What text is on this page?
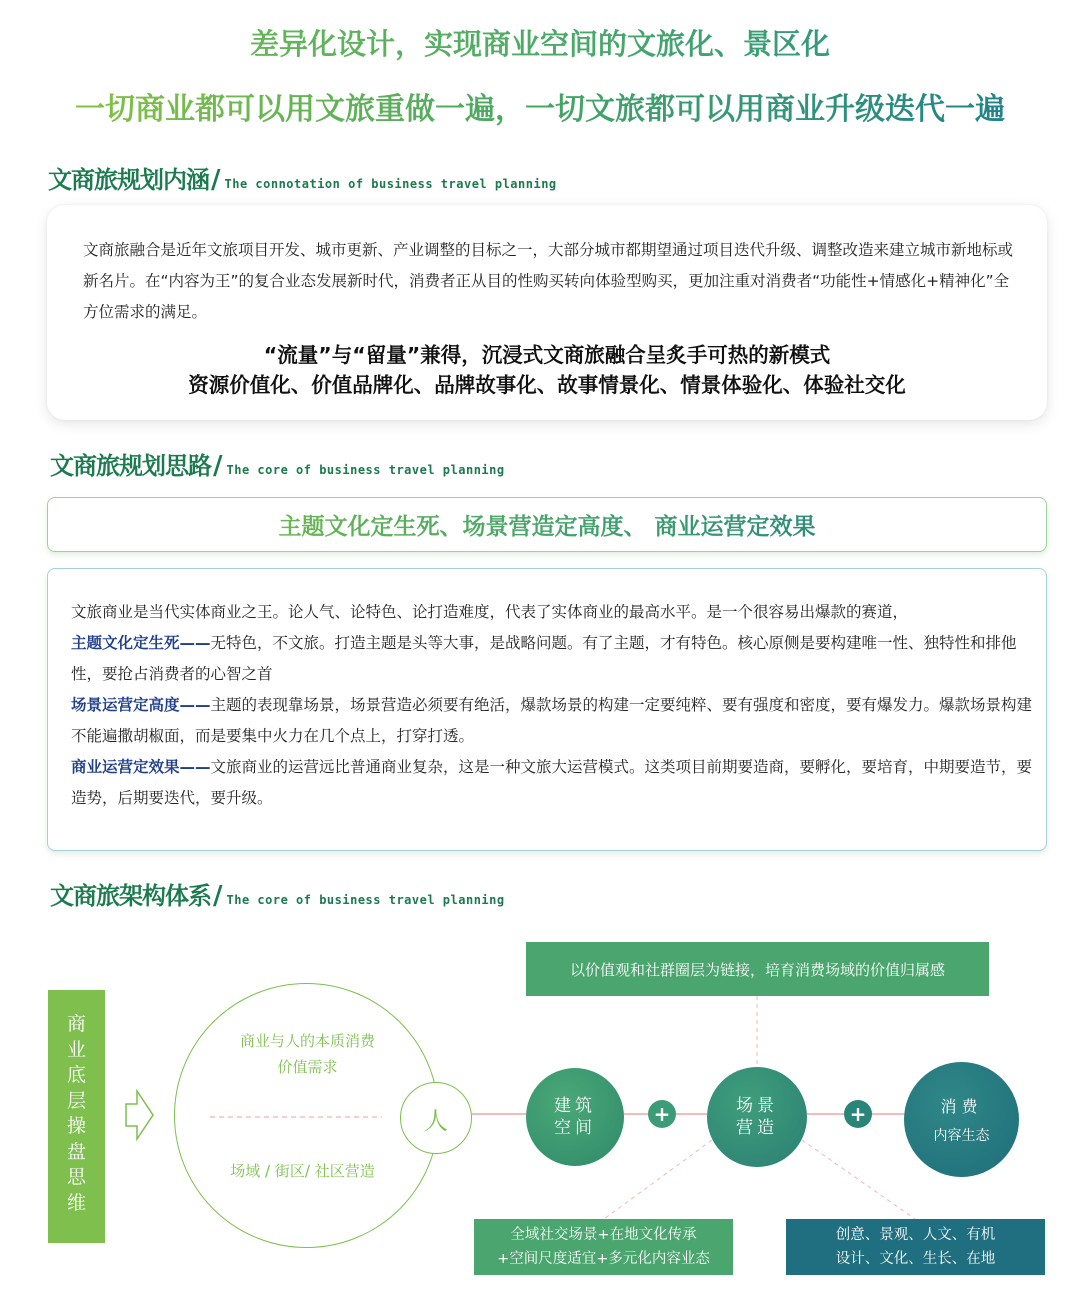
差异化设计，实现商业空间的文旅化、景区化
一切商业都可以用文旅重做一遍，一切文旅都可以用商业升级迭代一遍
文商旅规划内涵/ The connotation of business travel planning
文商旅融合是近年文旅项目开发、城市更新、产业调整的目标之一，大部分城市都期望通过项目迭代升级、调整改造来建立城市新地标或新名片。在“内容为王”的复合业态发展新时代，消费者正从目的性购买转向体验型购买，更加注重对消费者“功能性+情感化+精神化”全方位需求的满足。
“流量”与“留量”兼得，沉浸式文商旅融合呈炙手可热的新模式
资源价值化、价值品牌化、品牌故事化、故事情景化、情景体验化、体验社交化
文商旅规划思路/ The core of business travel planning
主题文化定生死、场景营造定高度、 商业运营定效果
文旅商业是当代实体商业之王。论人气、论特色、论打造难度，代表了实体商业的最高水平。是一个很容易出爆款的赛道，
主题文化定生死——无特色，不文旅。打造主题是头等大事，是战略问题。有了主题，才有特色。核心原侧是要构建唯一性、独特性和排他性，要抢占消费者的心智之首
场景运营定高度——主题的表现靠场景，场景营造必须要有绝活，爆款场景的构建一定要纯粹、要有强度和密度，要有爆发力。爆款场景构建不能遍撒胡椒面，而是要集中火力在几个点上，打穿打透。
商业运营定效果——文旅商业的运营远比普通商业复杂，这是一种文旅大运营模式。这类项目前期要造商，要孵化，要培育，中期要造节，要造势，后期要迭代，要升级。
文商旅架构体系/ The core of business travel planning
商
业
底
层
操
盘
思
维
商业与人的本质消费
价值需求
场域 / 街区/ 社区营造
人
建筑
空间
+	场景
营造
+	消费
内容生态
以价值观和社群圈层为链接，培育消费场域的价值归属感
全域社交场景+在地文化传承
+空间尺度适宜+多元化内容业态
创意、景观、人文、有机
设计、文化、生长、在地
